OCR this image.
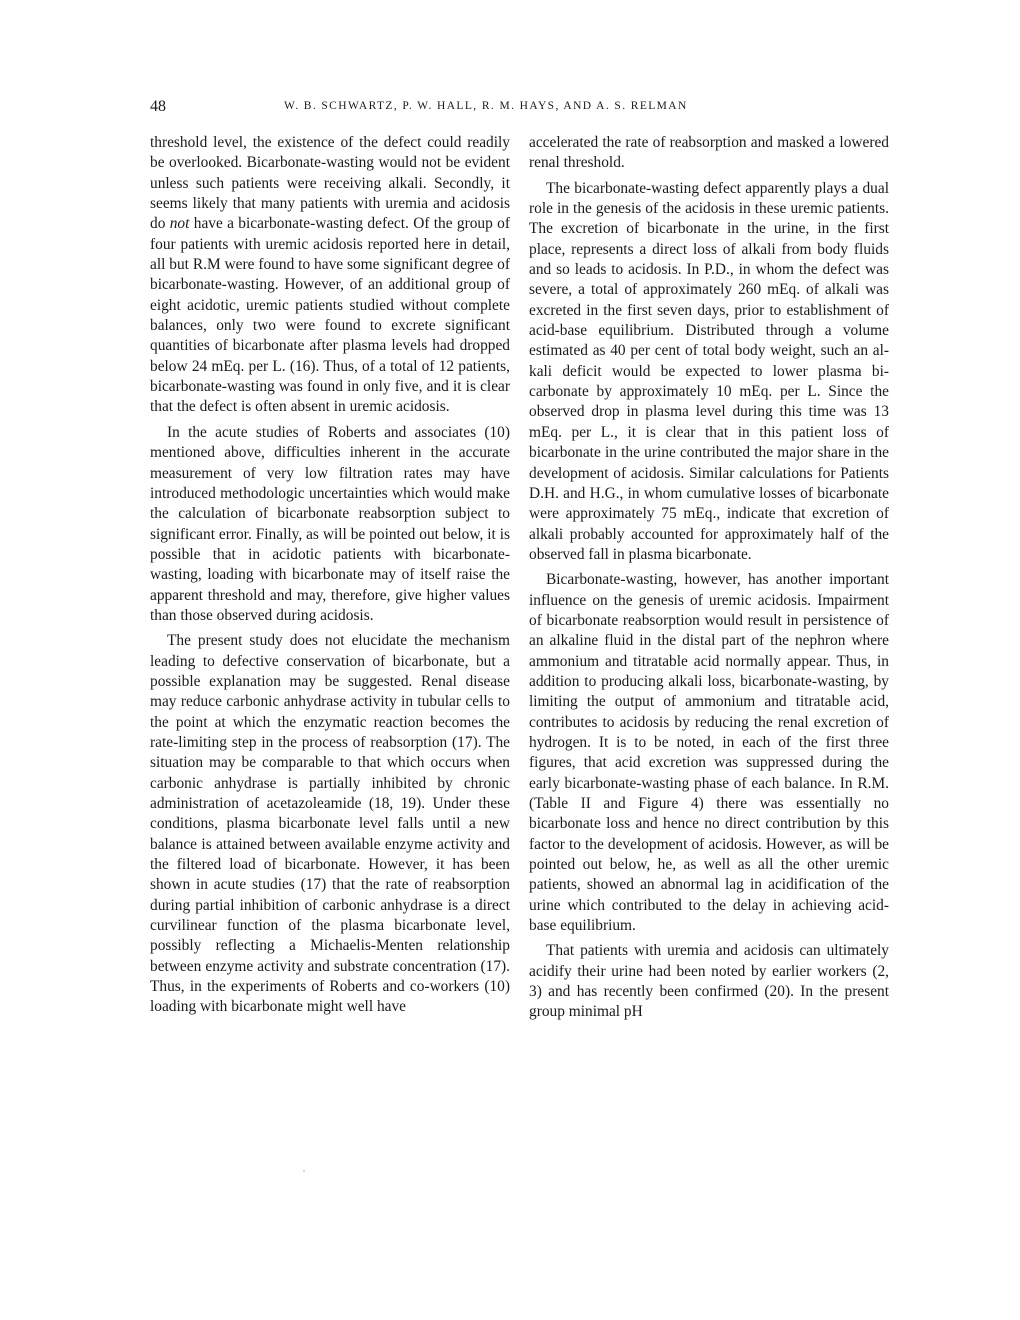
48	W. B. SCHWARTZ, P. W. HALL, R. M. HAYS, AND A. S. RELMAN

threshold level, the existence of the defect could readily be overlooked. Bicarbonate-wasting would not be evident unless such patients were receiving alkali. Secondly, it seems likely that many patients with uremia and acidosis do not have a bicarbonate-wasting defect. Of the group of four patients with uremic acidosis reported here in detail, all but R.M were found to have some significant degree of bicarbonate-wasting. However, of an additional group of eight acidotic, uremic patients studied without complete balances, only two were found to excrete significant quantities of bicarbonate after plasma levels had dropped below 24 mEq. per L. (16). Thus, of a total of 12 patients, bicarbonate-wasting was found in only five, and it is clear that the defect is often absent in uremic acidosis.

In the acute studies of Roberts and associates (10) mentioned above, difficulties inherent in the accurate measurement of very low filtration rates may have introduced methodologic uncertainties which would make the calculation of bicarbonate reabsorption subject to significant error. Finally, as will be pointed out below, it is possible that in acidotic patients with bicarbonate-wasting, loading with bicarbonate may of itself raise the apparent threshold and may, therefore, give higher values than those observed during acidosis.

The present study does not elucidate the mechanism leading to defective conservation of bicarbonate, but a possible explanation may be suggested. Renal disease may reduce carbonic anhydrase activity in tubular cells to the point at which the enzymatic reaction becomes the rate-limiting step in the process of reabsorption (17). The situation may be comparable to that which occurs when carbonic anhydrase is partially inhibited by chronic administration of acetazoleamide (18, 19). Under these conditions, plasma bicarbonate level falls until a new balance is attained between available enzyme activity and the filtered load of bicarbonate. However, it has been shown in acute studies (17) that the rate of reabsorption during partial inhibition of carbonic anhydrase is a direct curvilinear function of the plasma bicarbonate level, possibly reflecting a Michaelis-Menten relationship between enzyme activity and substrate concentration (17). Thus, in the experiments of Roberts and co-workers (10) loading with bicarbonate might well have

accelerated the rate of reabsorption and masked a lowered renal threshold.

The bicarbonate-wasting defect apparently plays a dual role in the genesis of the acidosis in these uremic patients. The excretion of bicarbonate in the urine, in the first place, represents a direct loss of alkali from body fluids and so leads to acidosis. In P.D., in whom the defect was severe, a total of approximately 260 mEq. of alkali was excreted in the first seven days, prior to establishment of acid-base equilibrium. Distributed through a volume estimated as 40 per cent of total body weight, such an alkali deficit would be expected to lower plasma bicarbonate by approximately 10 mEq. per L. Since the observed drop in plasma level during this time was 13 mEq. per L., it is clear that in this patient loss of bicarbonate in the urine contributed the major share in the development of acidosis. Similar calculations for Patients D.H. and H.G., in whom cumulative losses of bicarbonate were approximately 75 mEq., indicate that excretion of alkali probably accounted for approximately half of the observed fall in plasma bicarbonate.

Bicarbonate-wasting, however, has another important influence on the genesis of uremic acidosis. Impairment of bicarbonate reabsorption would result in persistence of an alkaline fluid in the distal part of the nephron where ammonium and titratable acid normally appear. Thus, in addition to producing alkali loss, bicarbonate-wasting, by limiting the output of ammonium and titratable acid, contributes to acidosis by reducing the renal excretion of hydrogen. It is to be noted, in each of the first three figures, that acid excretion was suppressed during the early bicarbonate-wasting phase of each balance. In R.M. (Table II and Figure 4) there was essentially no bicarbonate loss and hence no direct contribution by this factor to the development of acidosis. However, as will be pointed out below, he, as well as all the other uremic patients, showed an abnormal lag in acidification of the urine which contributed to the delay in achieving acid-base equilibrium.

That patients with uremia and acidosis can ultimately acidify their urine had been noted by earlier workers (2, 3) and has recently been confirmed (20). In the present group minimal pH
